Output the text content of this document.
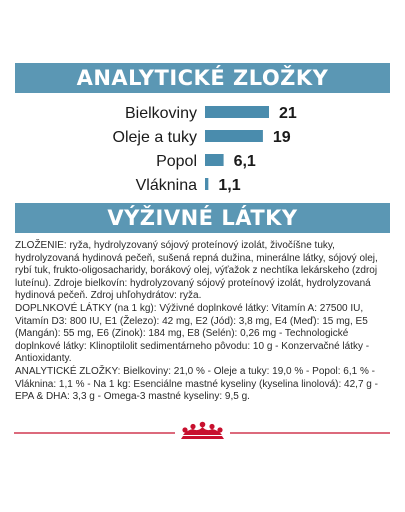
ANALYTICKÉ ZLOŽKY
Bielkoviny	21
Oleje a tuky	19
Popol 6,1
Vláknina 1,1
VÝŽIVNÉ LÁTKY

ZLOŽENIE: ryža, hydrolyzovaný sójový proteínový izolát, živočíšne tuky, hydrolyzovaná hydinová pečeň, sušená repná dužina, minerálne látky, sójový olej, rybí tuk, frukto-oligosacharidy, borákový olej, výťažok z nechtíka lekárskeho (zdroj luteínu). Zdroje bielkovín: hydrolyzovaný sójový proteínový izolát, hydrolyzovaná hydinová pečeň. Zdroj uhľohydrátov: ryža.

DOPLNKOVÉ LÁTKY (na 1 kg): Výživné doplnkové látky: Vitamín A: 27500 IU, Vitamín D3: 800 IU, E1 (Železo): 42 mg, E2 (Jód): 3,8 mg, E4 (Meď): 15 mg, E5 (Mangán): 55 mg, E6 (Zinok): 184 mg, E8 (Selén): 0,26 mg - Technologické doplnkové látky: Klinoptilolit sedimentárneho pôvodu: 10 g - Konzervačné látky - Antioxidanty.

ANALYTICKÉ ZLOŽKY: Bielkoviny: 21,0 % - Oleje a tuky: 19,0 % - Popol: 6,1 % - Vláknina: 1,1 % - Na 1 kg: Esenciálne mastné kyseliny (kyselina linolová): 42,7 g - EPA & DHA: 3,3 g - Omega-3 mastné kyseliny: 9,5 g.
